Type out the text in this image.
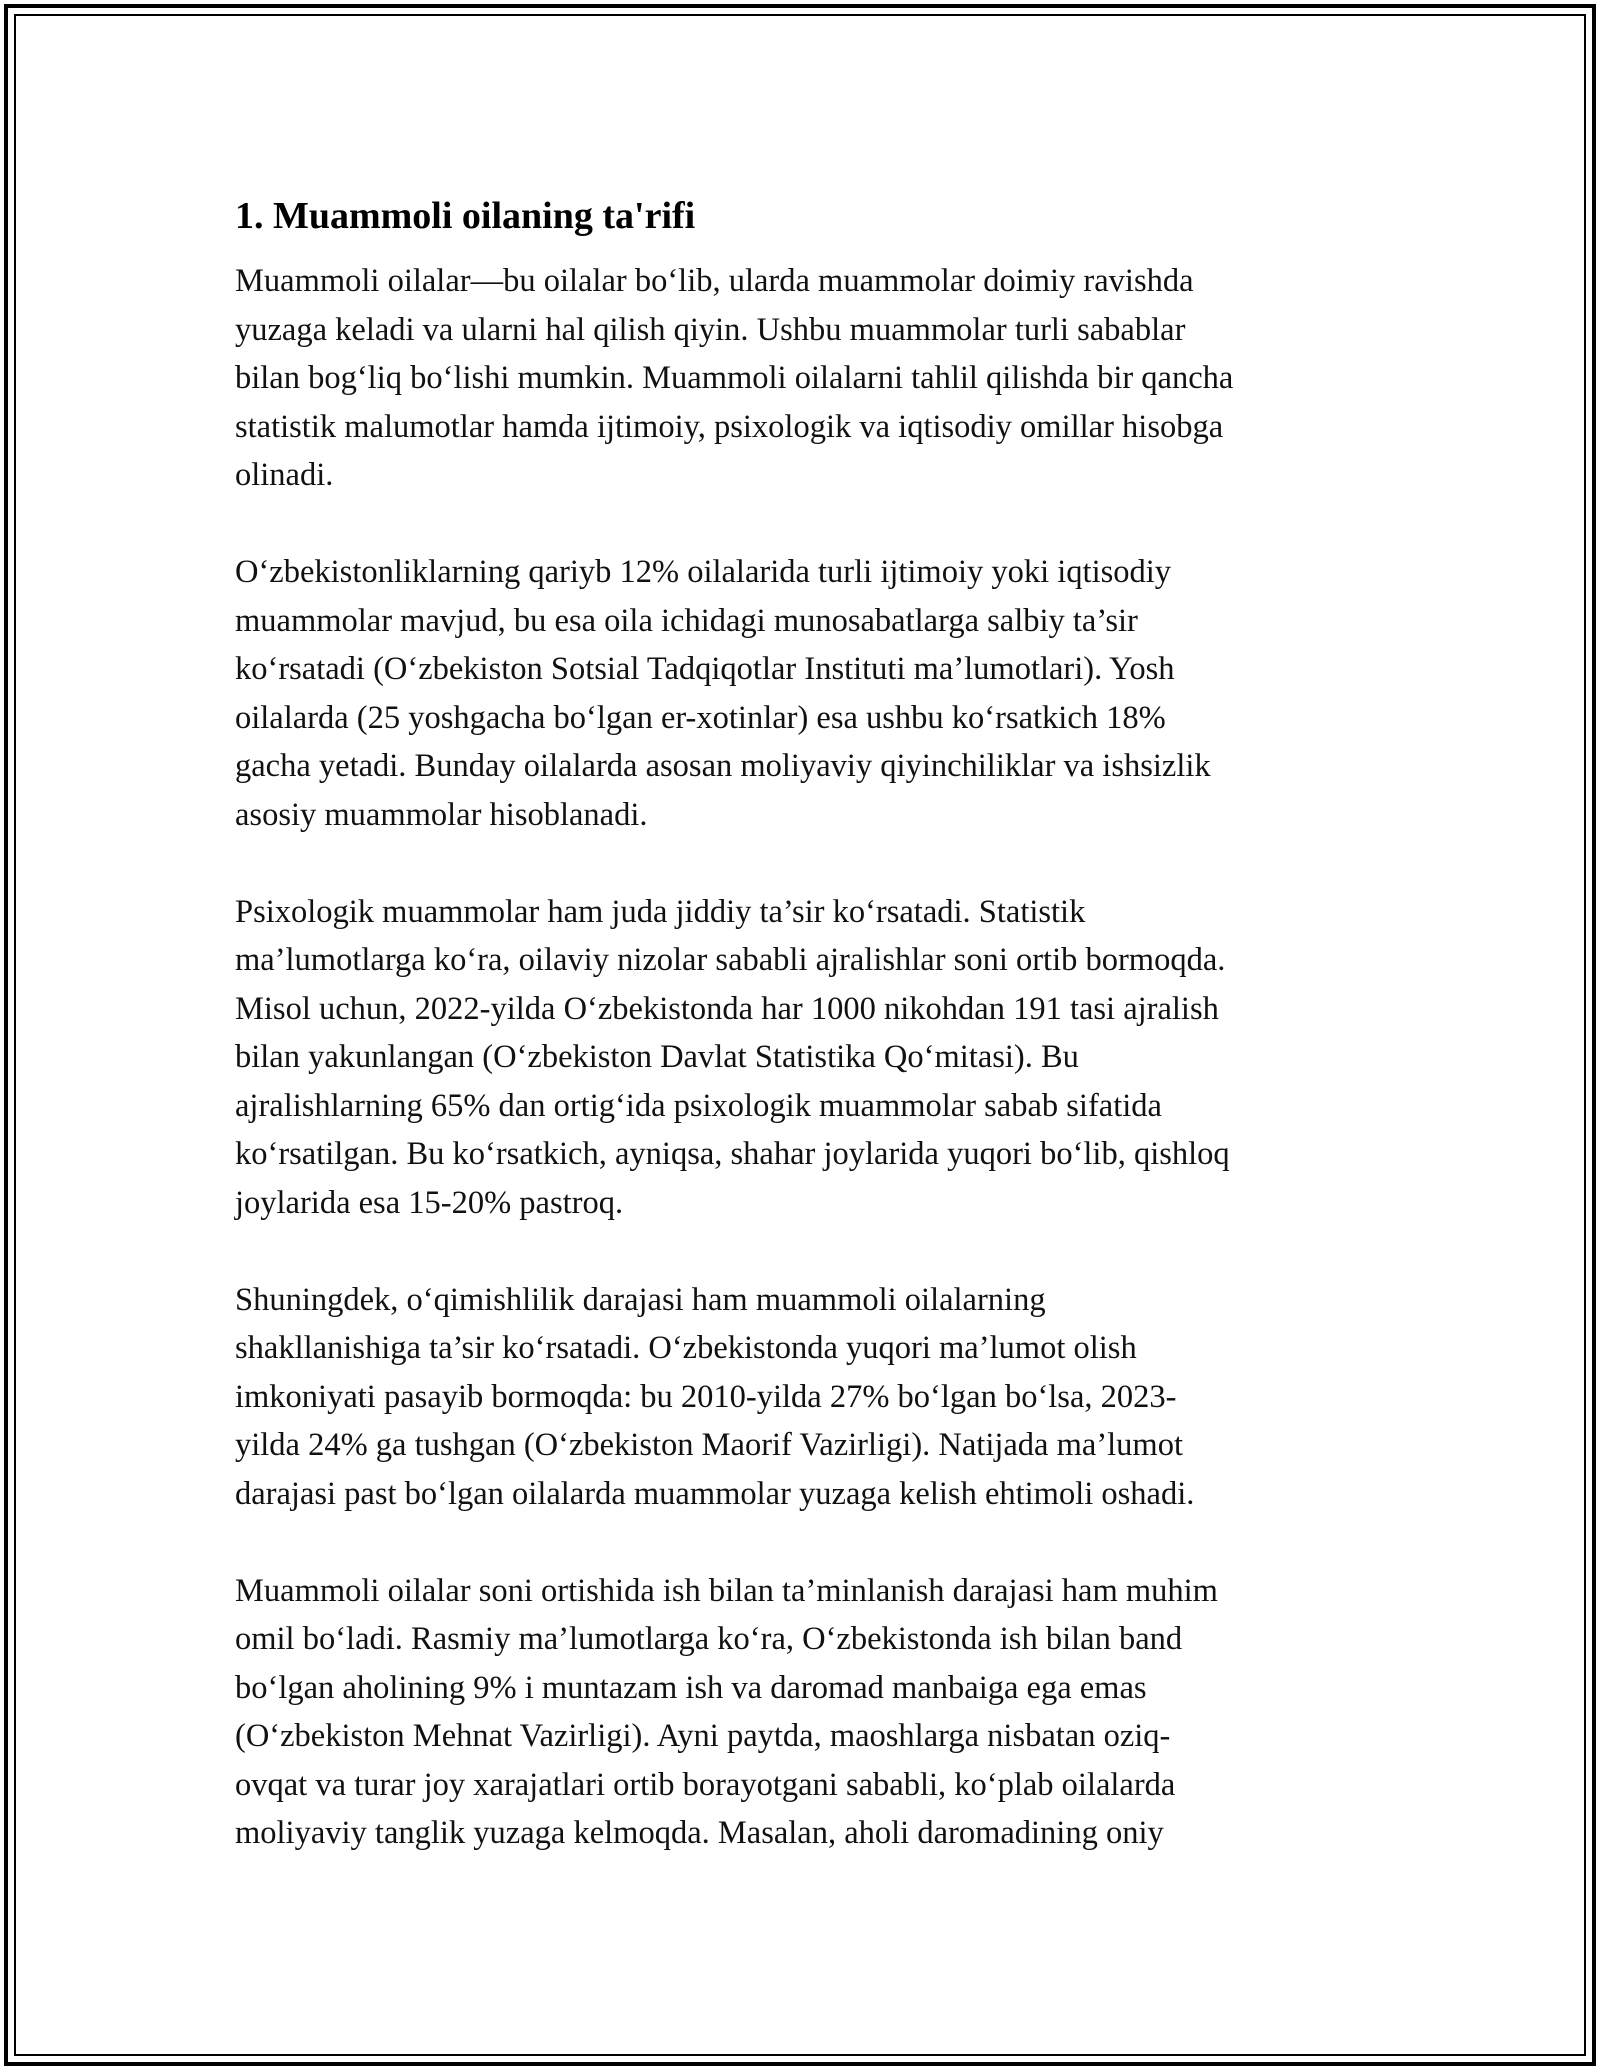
1. Muammoli oilaning ta'rifi

Muammoli oilalar—bu oilalar bo‘lib, ularda muammolar doimiy ravishda
yuzaga keladi va ularni hal qilish qiyin. Ushbu muammolar turli sabablar
bilan bog‘liq bo‘lishi mumkin. Muammoli oilalarni tahlil qilishda bir qancha
statistik malumotlar hamda ijtimoiy, psixologik va iqtisodiy omillar hisobga
olinadi.

O‘zbekistonliklarning qariyb 12% oilalarida turli ijtimoiy yoki iqtisodiy
muammolar mavjud, bu esa oila ichidagi munosabatlarga salbiy ta’sir
ko‘rsatadi (O‘zbekiston Sotsial Tadqiqotlar Instituti ma’lumotlari). Yosh
oilalarda (25 yoshgacha bo‘lgan er-xotinlar) esa ushbu ko‘rsatkich 18%
gacha yetadi. Bunday oilalarda asosan moliyaviy qiyinchiliklar va ishsizlik
asosiy muammolar hisoblanadi.

Psixologik muammolar ham juda jiddiy ta’sir ko‘rsatadi. Statistik
ma’lumotlarga ko‘ra, oilaviy nizolar sababli ajralishlar soni ortib bormoqda.
Misol uchun, 2022-yilda O‘zbekistonda har 1000 nikohdan 191 tasi ajralish
bilan yakunlangan (O‘zbekiston Davlat Statistika Qo‘mitasi). Bu
ajralishlarning 65% dan ortig‘ida psixologik muammolar sabab sifatida
ko‘rsatilgan. Bu ko‘rsatkich, ayniqsa, shahar joylarida yuqori bo‘lib, qishloq
joylarida esa 15-20% pastroq.

Shuningdek, o‘qimishlilik darajasi ham muammoli oilalarning
shakllanishiga ta’sir ko‘rsatadi. O‘zbekistonda yuqori ma’lumot olish
imkoniyati pasayib bormoqda: bu 2010-yilda 27% bo‘lgan bo‘lsa, 2023-
yilda 24% ga tushgan (O‘zbekiston Maorif Vazirligi). Natijada ma’lumot
darajasi past bo‘lgan oilalarda muammolar yuzaga kelish ehtimoli oshadi.

Muammoli oilalar soni ortishida ish bilan ta’minlanish darajasi ham muhim
omil bo‘ladi. Rasmiy ma’lumotlarga ko‘ra, O‘zbekistonda ish bilan band
bo‘lgan aholining 9% i muntazam ish va daromad manbaiga ega emas
(O‘zbekiston Mehnat Vazirligi). Ayni paytda, maoshlarga nisbatan oziq-
ovqat va turar joy xarajatlari ortib borayotgani sababli, ko‘plab oilalarda
moliyaviy tanglik yuzaga kelmoqda. Masalan, aholi daromadining oniy
